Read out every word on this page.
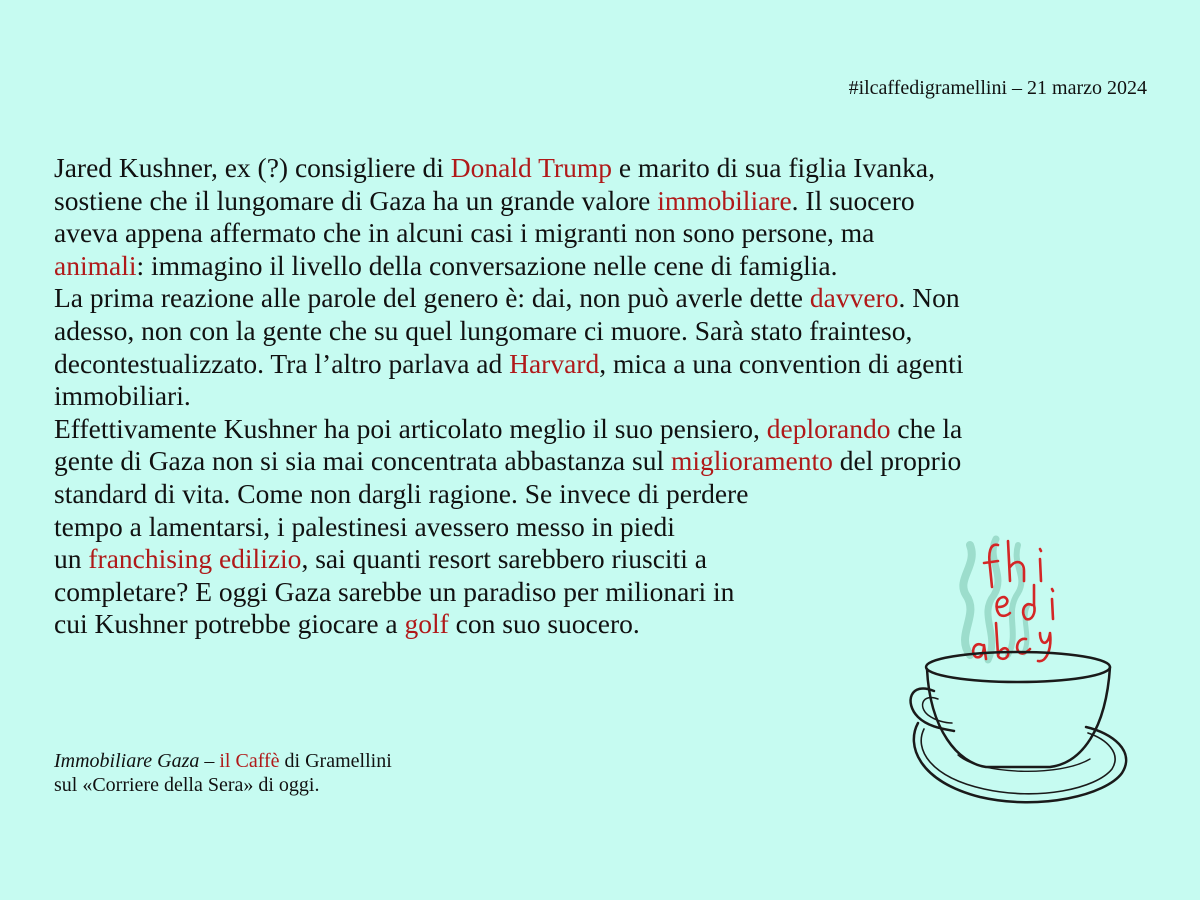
#ilcaffedigramellini – 21 marzo 2024
Jared Kushner, ex (?) consigliere di Donald Trump e marito di sua figlia Ivanka,
sostiene che il lungomare di Gaza ha un grande valore immobiliare. Il suocero
aveva appena affermato che in alcuni casi i migranti non sono persone, ma
animali: immagino il livello della conversazione nelle cene di famiglia.
La prima reazione alle parole del genero è: dai, non può averle dette davvero. Non
adesso, non con la gente che su quel lungomare ci muore. Sarà stato frainteso,
decontestualizzato. Tra l’altro parlava ad Harvard, mica a una convention di agenti
immobiliari.
Effettivamente Kushner ha poi articolato meglio il suo pensiero, deplorando che la
gente di Gaza non si sia mai concentrata abbastanza sul miglioramento del proprio
standard di vita. Come non dargli ragione. Se invece di perdere
tempo a lamentarsi, i palestinesi avessero messo in piedi
un franchising edilizio, sai quanti resort sarebbero riusciti a
completare? E oggi Gaza sarebbe un paradiso per milionari in
cui Kushner potrebbe giocare a golf con suo suocero.
Immobiliare Gaza – il Caffè di Gramellini
sul «Corriere della Sera» di oggi.
